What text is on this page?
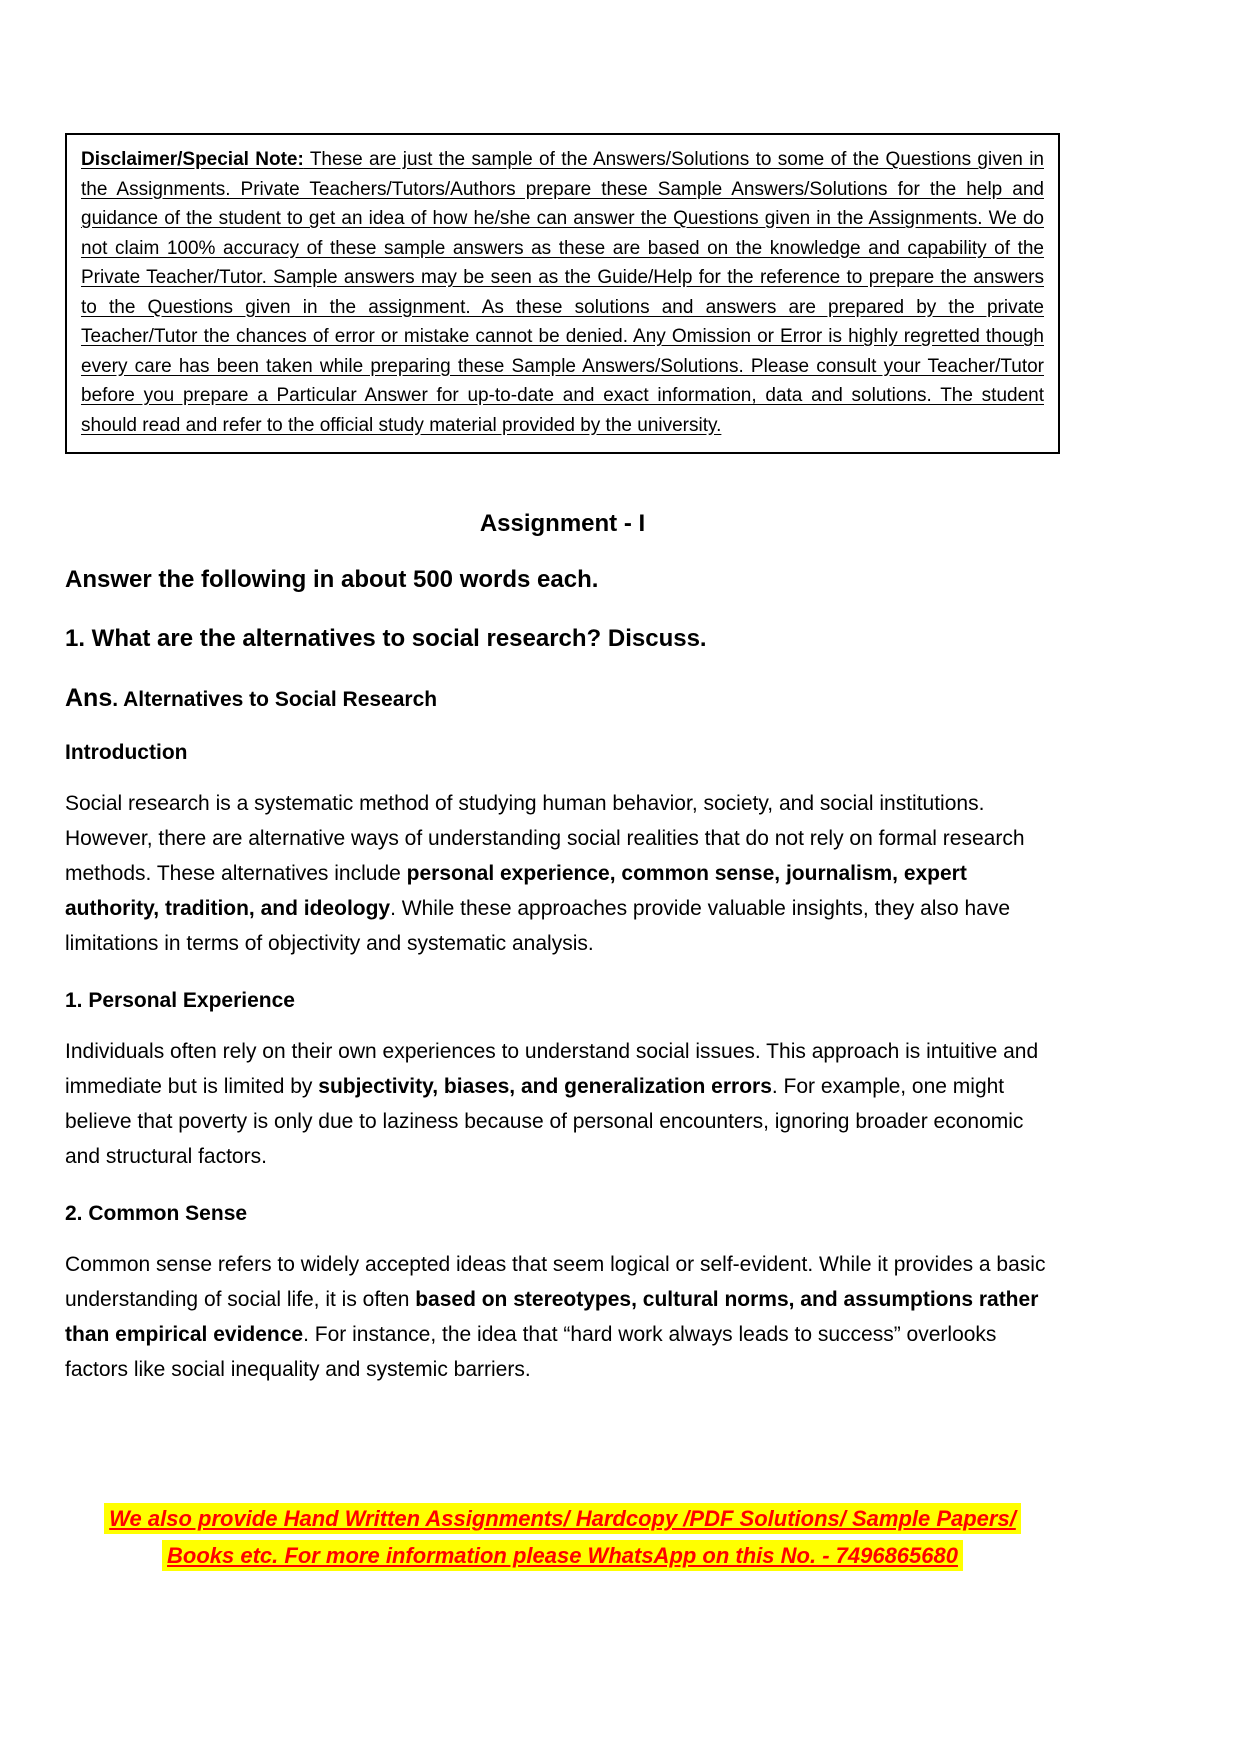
Disclaimer/Special Note: These are just the sample of the Answers/Solutions to some of the Questions given in the Assignments. Private Teachers/Tutors/Authors prepare these Sample Answers/Solutions for the help and guidance of the student to get an idea of how he/she can answer the Questions given in the Assignments. We do not claim 100% accuracy of these sample answers as these are based on the knowledge and capability of the Private Teacher/Tutor. Sample answers may be seen as the Guide/Help for the reference to prepare the answers to the Questions given in the assignment. As these solutions and answers are prepared by the private Teacher/Tutor the chances of error or mistake cannot be denied. Any Omission or Error is highly regretted though every care has been taken while preparing these Sample Answers/Solutions. Please consult your Teacher/Tutor before you prepare a Particular Answer for up-to-date and exact information, data and solutions. The student should read and refer to the official study material provided by the university.

Assignment - I
Answer the following in about 500 words each.
1. What are the alternatives to social research? Discuss.

Ans. Alternatives to Social Research

Introduction

Social research is a systematic method of studying human behavior, society, and social institutions. However, there are alternative ways of understanding social realities that do not rely on formal research methods. These alternatives include personal experience, common sense, journalism, expert authority, tradition, and ideology. While these approaches provide valuable insights, they also have limitations in terms of objectivity and systematic analysis.

1. Personal Experience

Individuals often rely on their own experiences to understand social issues. This approach is intuitive and immediate but is limited by subjectivity, biases, and generalization errors. For example, one might believe that poverty is only due to laziness because of personal encounters, ignoring broader economic and structural factors.

2. Common Sense

Common sense refers to widely accepted ideas that seem logical or self-evident. While it provides a basic understanding of social life, it is often based on stereotypes, cultural norms, and assumptions rather than empirical evidence. For instance, the idea that “hard work always leads to success” overlooks factors like social inequality and systemic barriers.

We also provide Hand Written Assignments/ Hardcopy /PDF Solutions/ Sample Papers/
Books etc. For more information please WhatsApp on this No. - 7496865680
